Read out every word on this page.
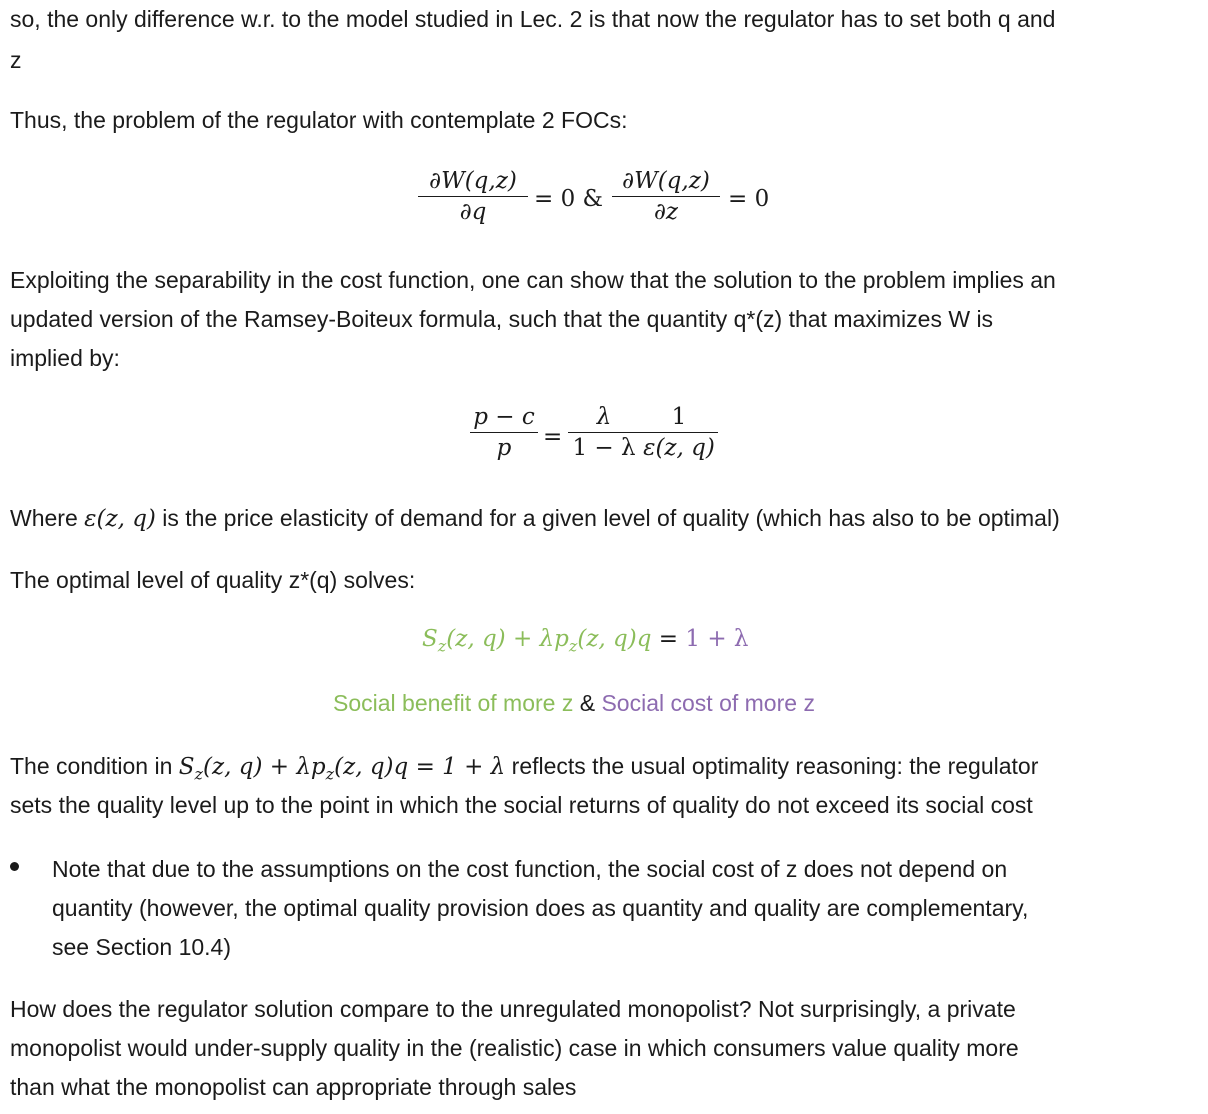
so, the only difference w.r. to the model studied in Lec. 2 is that now the regulator has to set both q and
z
Thus, the problem of the regulator with contemplate 2 FOCs:
∂W(q,z)
∂q	= 0 &
∂W(q,z)
∂z	= 0
Exploiting the separability in the cost function, one can show that the solution to the problem implies an
updated version of the Ramsey-Boiteux formula, such that the quantity q*(z) that maximizes W is
implied by:
p − c
p	=
λ
1 − λ
1
ε(z, q)
Where ε(z, q) is the price elasticity of demand for a given level of quality (which has also to be optimal)
The optimal level of quality z*(q) solves:
$S_z(z$, $q) + \lambda p_z(z$, q)q = 1 + λ
Social benefit of more z & Social cost of more z
The condition in $S_z(z$, $q) + \lambda p_z(z$, q)q = 1 + λ reflects the usual optimality reasoning: the regulator
sets the quality level up to the point in which the social returns of quality do not exceed its social cost
Note that due to the assumptions on the cost function, the social cost of z does not depend on
quantity (however, the optimal quality provision does as quantity and quality are complementary,
see Section 10.4)
How does the regulator solution compare to the unregulated monopolist? Not surprisingly, a private
monopolist would under-supply quality in the (realistic) case in which consumers value quality more
than what the monopolist can appropriate through sales
